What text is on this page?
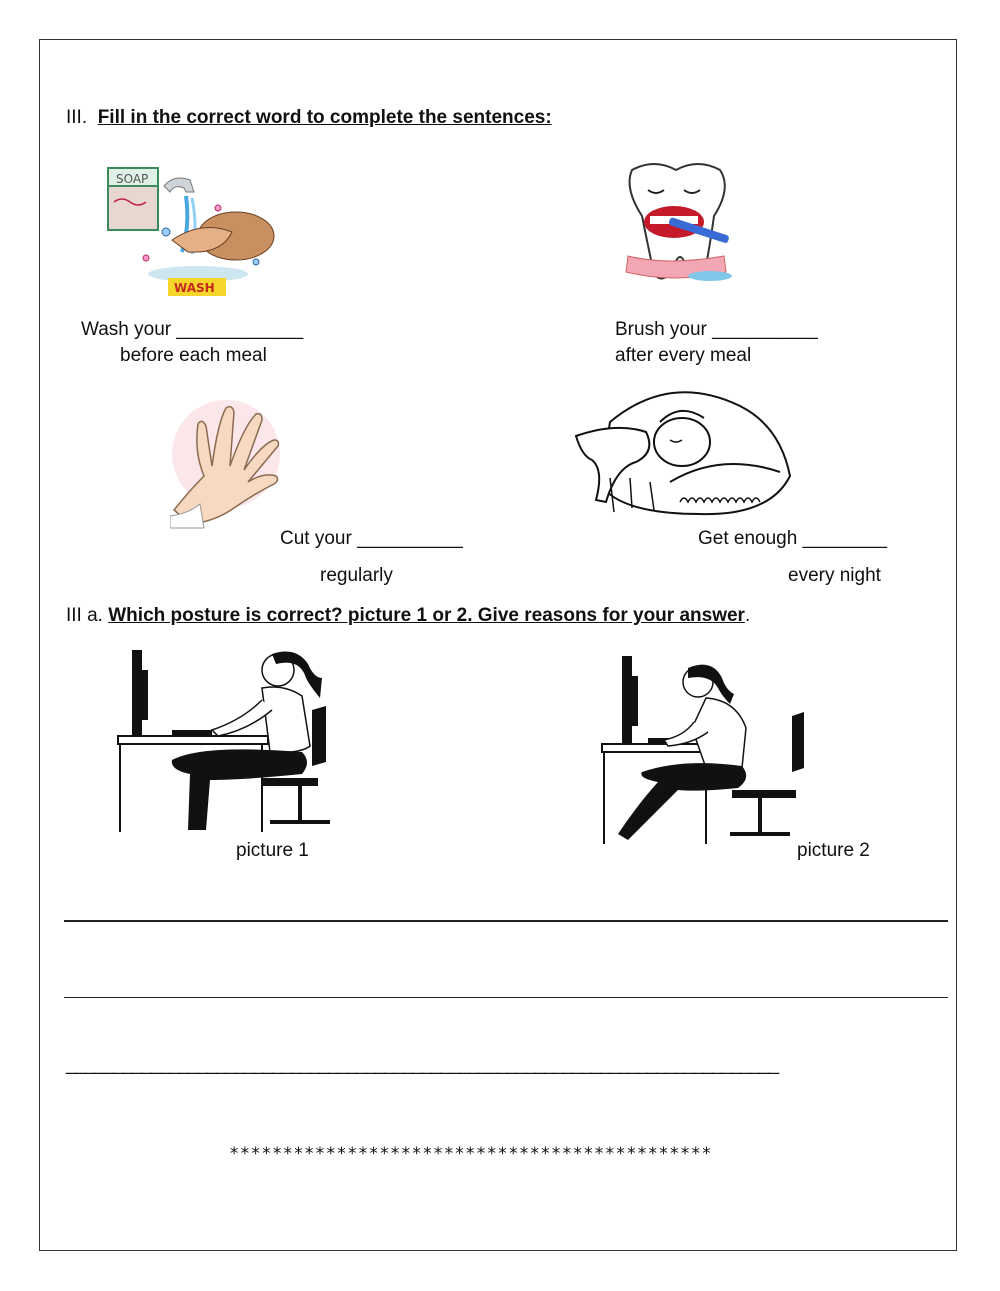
III. Fill in the correct word to complete the sentences:
SOAP
WASH
Wash your ____________
before each meal
Brush your __________
after every meal
Cut your __________
regularly
Get enough ________
every night
III a. Which posture is correct? picture 1 or 2. Give reasons for your answer.
picture 1	picture 2
____________________________________________________________________________
*********************************************
